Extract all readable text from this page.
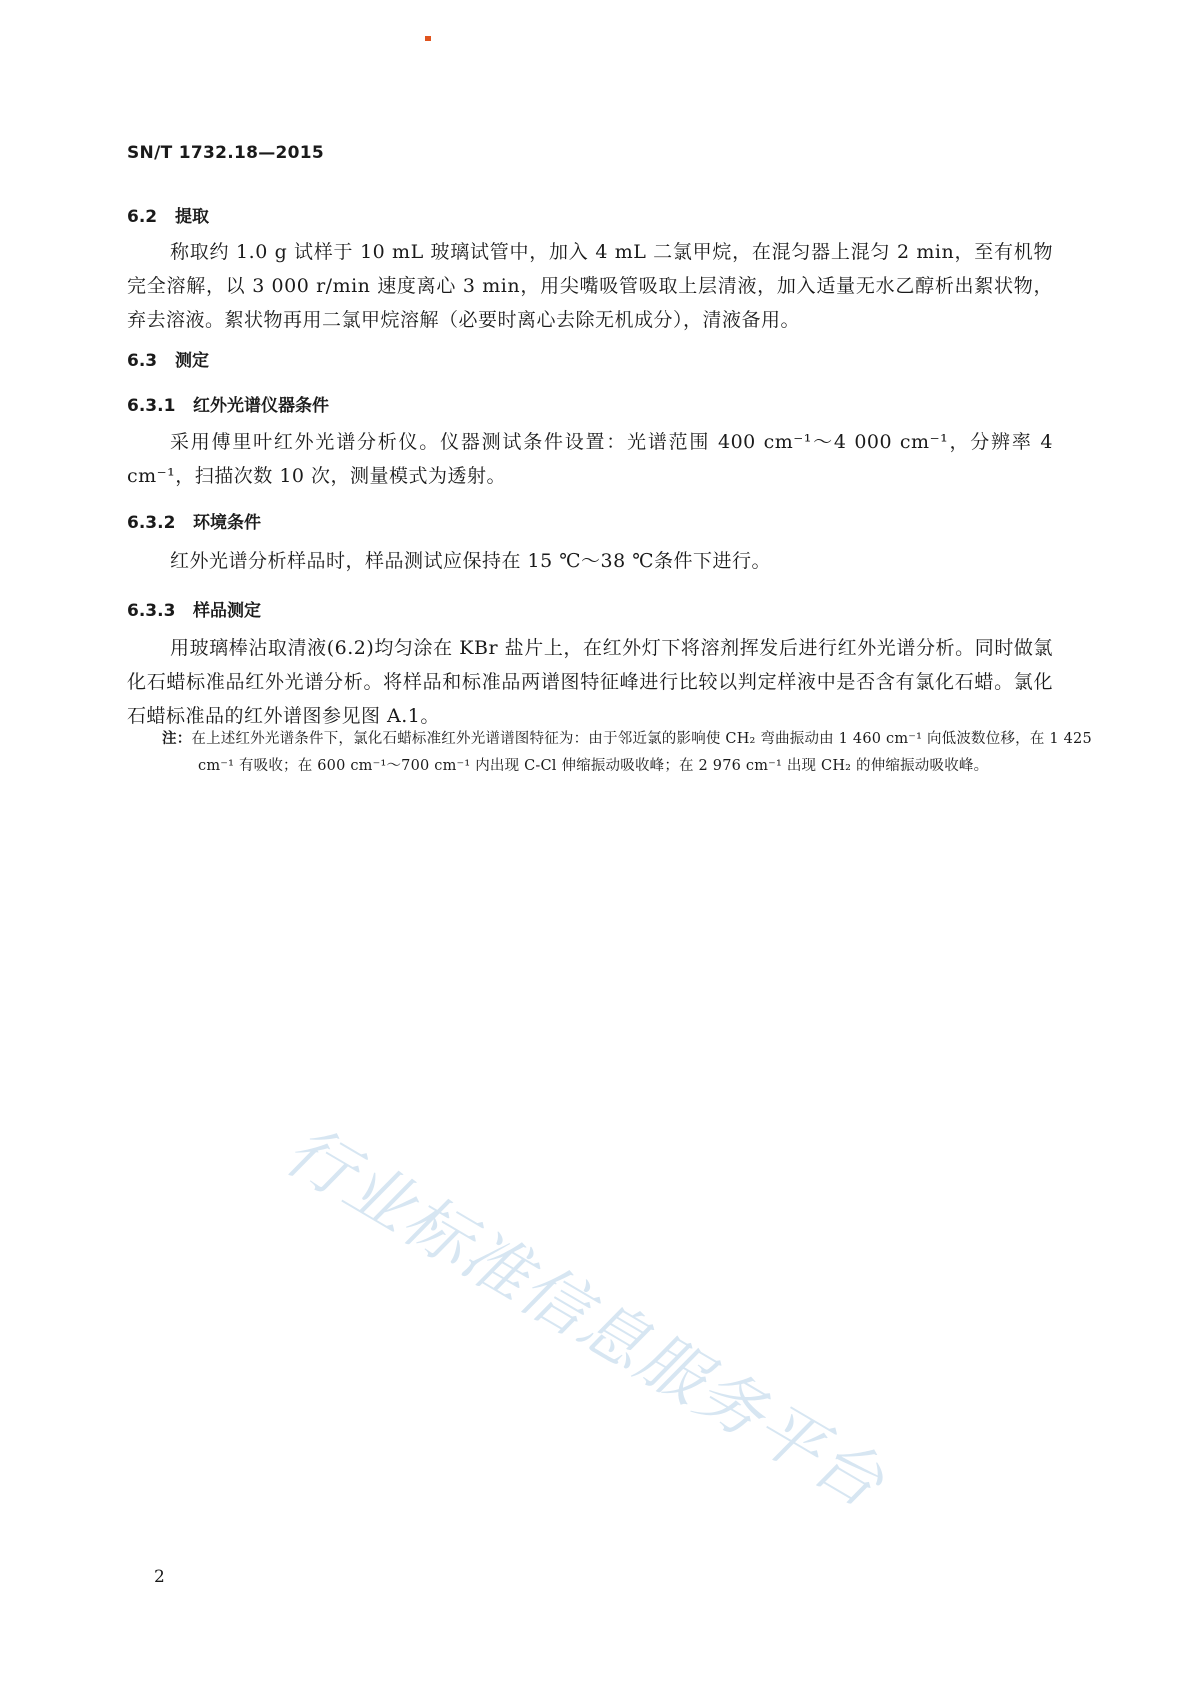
SN/T 1732.18—2015

6.2 提取

称取约 1.0 g 试样于 10 mL 玻璃试管中，加入 4 mL 二氯甲烷，在混匀器上混匀 2 min，至有机物完全溶解，以 3 000 r/min 速度离心 3 min，用尖嘴吸管吸取上层清液，加入适量无水乙醇析出絮状物，弃去溶液。絮状物再用二氯甲烷溶解（必要时离心去除无机成分），清液备用。

6.3 测定
6.3.1 红外光谱仪器条件

采用傅里叶红外光谱分析仪。仪器测试条件设置：光谱范围 400 cm⁻¹～4 000 cm⁻¹，分辨率 4 cm⁻¹，扫描次数 10 次，测量模式为透射。

6.3.2 环境条件

红外光谱分析样品时，样品测试应保持在 15 ℃～38 ℃条件下进行。

6.3.3 样品测定

用玻璃棒沾取清液(6.2)均匀涂在 KBr 盐片上，在红外灯下将溶剂挥发后进行红外光谱分析。同时做氯化石蜡标准品红外光谱分析。将样品和标准品两谱图特征峰进行比较以判定样液中是否含有氯化石蜡。氯化石蜡标准品的红外谱图参见图 A.1。

注：在上述红外光谱条件下，氯化石蜡标准红外光谱谱图特征为：由于邻近氯的影响使 CH₂ 弯曲振动由 1 460 cm⁻¹ 向低波数位移，在 1 425 cm⁻¹ 有吸收；在 600 cm⁻¹～700 cm⁻¹ 内出现 C-Cl 伸缩振动吸收峰；在 2 976 cm⁻¹ 出现 CH₂ 的伸缩振动吸收峰。

行业标准信息服务平台

2
